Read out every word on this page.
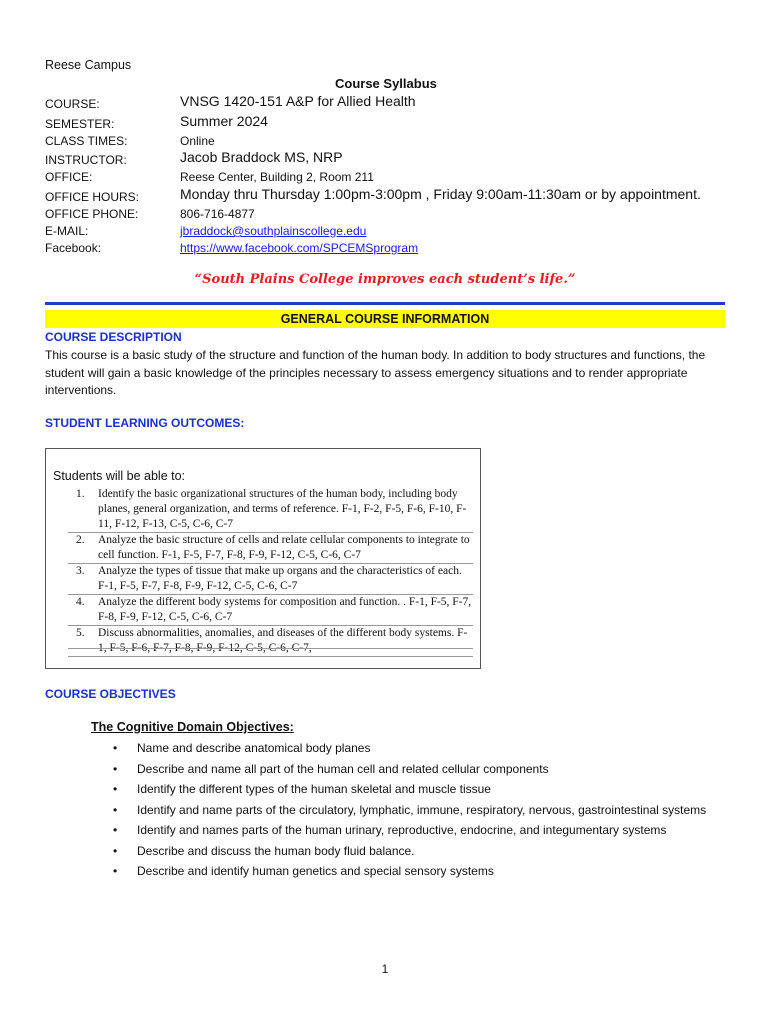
Reese Campus
Course Syllabus
COURSE:	VNSG 1420-151 A&P for Allied Health
SEMESTER:	Summer 2024
CLASS TIMES:	Online
INSTRUCTOR:	Jacob Braddock MS, NRP
OFFICE:	Reese Center, Building 2, Room 211
OFFICE HOURS:	Monday thru Thursday 1:00pm-3:00pm , Friday 9:00am-11:30am or by appointment.
OFFICE PHONE:	806-716-4877
E-MAIL:	jbraddock@southplainscollege.edu
Facebook:	https://www.facebook.com/SPCEMSprogram
“South Plains College improves each student’s life.”
GENERAL COURSE INFORMATION
COURSE DESCRIPTION
This course is a basic study of the structure and function of the human body. In addition to body structures and functions, the student will gain a basic knowledge of the principles necessary to assess emergency situations and to render appropriate interventions.
STUDENT LEARNING OUTCOMES:
Students will be able to:
1. Identify the basic organizational structures of the human body, including body planes, general organization, and terms of reference. F-1, F-2, F-5, F-6, F-10, F-11, F-12, F-13, C-5, C-6, C-7
2. Analyze the basic structure of cells and relate cellular components to integrate to cell function. F-1, F-5, F-7, F-8, F-9, F-12, C-5, C-6, C-7
3. Analyze the types of tissue that make up organs and the characteristics of each. F-1, F-5, F-7, F-8, F-9, F-12, C-5, C-6, C-7
4. Analyze the different body systems for composition and function. . F-1, F-5, F-7, F-8, F-9, F-12, C-5, C-6, C-7
5. Discuss abnormalities, anomalies, and diseases of the different body systems. F-1, F-5, F-6, F-7, F-8, F-9, F-12, C-5, C-6, C-7,
COURSE OBJECTIVES
The Cognitive Domain Objectives:
• Name and describe anatomical body planes
• Describe and name all part of the human cell and related cellular components
• Identify the different types of the human skeletal and muscle tissue
• Identify and name parts of the circulatory, lymphatic, immune, respiratory, nervous, gastrointestinal systems
• Identify and names parts of the human urinary, reproductive, endocrine, and integumentary systems
• Describe and discuss the human body fluid balance.
• Describe and identify human genetics and special sensory systems
1
